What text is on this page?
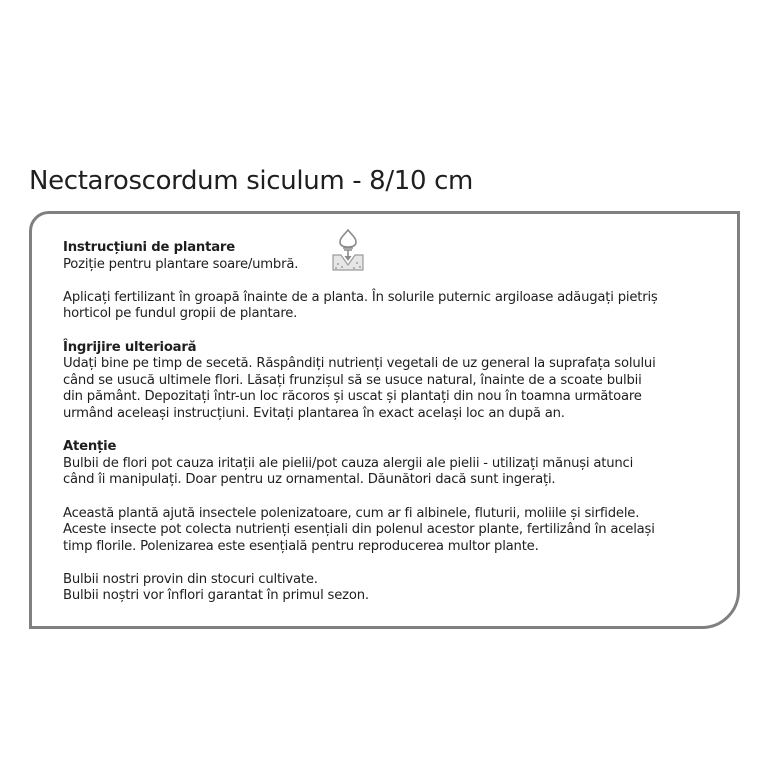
Nectaroscordum siculum - 8/10 cm

Instrucțiuni de plantare

Poziție pentru plantare soare/umbră.

Aplicați fertilizant în groapă înainte de a planta. În solurile puternic argiloase adăugați pietriș

horticol pe fundul gropii de plantare.

Îngrijire ulterioară

Udați bine pe timp de secetă. Răspândiți nutrienți vegetali de uz general la suprafața solului

când se usucă ultimele flori. Lăsați frunzișul să se usuce natural, înainte de a scoate bulbii

din pământ. Depozitați într-un loc răcoros și uscat și plantați din nou în toamna următoare

urmând aceleași instrucțiuni. Evitați plantarea în exact același loc an după an.

Atenție

Bulbii de flori pot cauza iritații ale pielii/pot cauza alergii ale pielii - utilizați mănuși atunci

când îi manipulați. Doar pentru uz ornamental. Dăunători dacă sunt ingerați.

Această plantă ajută insectele polenizatoare, cum ar fi albinele, fluturii, moliile și sirfidele.

Aceste insecte pot colecta nutrienți esențiali din polenul acestor plante, fertilizând în același

timp florile. Polenizarea este esențială pentru reproducerea multor plante.

Bulbii nostri provin din stocuri cultivate.

Bulbii noștri vor înflori garantat în primul sezon.
